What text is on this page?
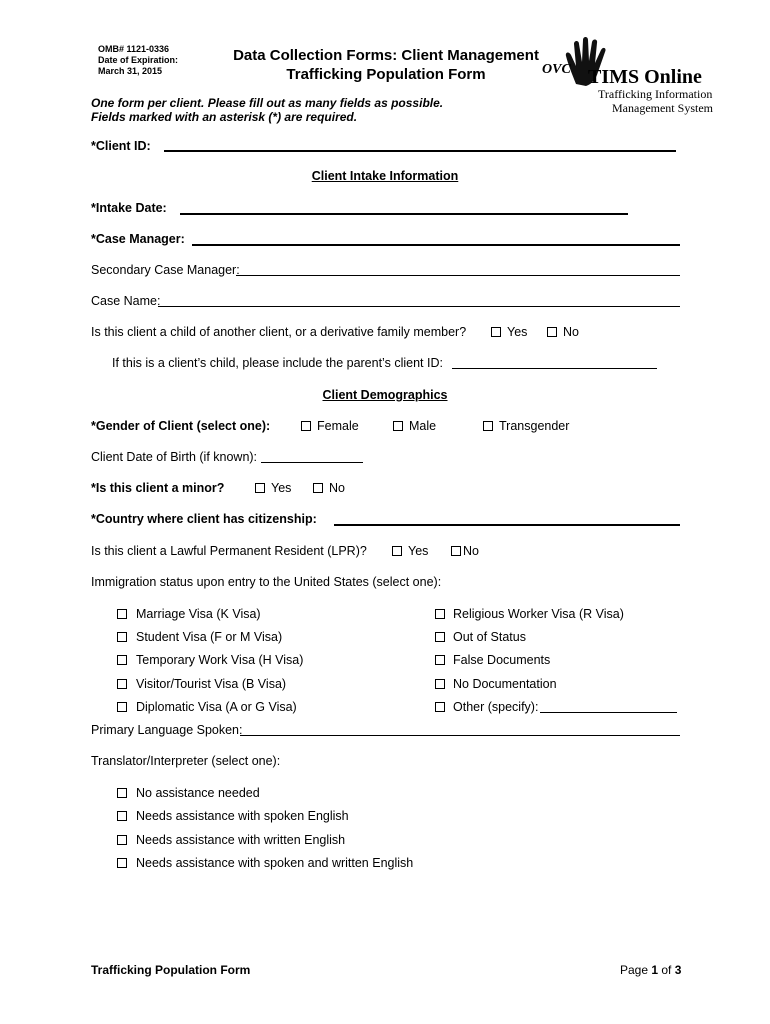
OMB# 1121-0336
Date of Expiration:
March 31, 2015
Data Collection Forms: Client Management
Trafficking Population Form	OVC TIMS Online
Trafficking Information
Management System
One form per client. Please fill out as many fields as possible.
Fields marked with an asterisk (*) are required.
*Client ID:
Client Intake Information
*Intake Date:
*Case Manager:
Secondary Case Manager:
Case Name:
Is this client a child of another client, or a derivative family member?	Yes	No
If this is a client’s child, please include the parent’s client ID:
Client Demographics
*Gender of Client (select one):	Female	Male	Transgender
Client Date of Birth (if known):
*Is this client a minor?	Yes	No
*Country where client has citizenship:
Is this client a Lawful Permanent Resident (LPR)?	Yes	No
Immigration status upon entry to the United States (select one):
Marriage Visa (K Visa)
Student Visa (F or M Visa)
Temporary Work Visa (H Visa)
Visitor/Tourist Visa (B Visa)
Diplomatic Visa (A or G Visa)
Religious Worker Visa (R Visa)
Out of Status
False Documents
No Documentation
Other (specify):
Primary Language Spoken:
Translator/Interpreter (select one):
No assistance needed
Needs assistance with spoken English
Needs assistance with written English
Needs assistance with spoken and written English
Trafficking Population Form	Page 1 of 3
